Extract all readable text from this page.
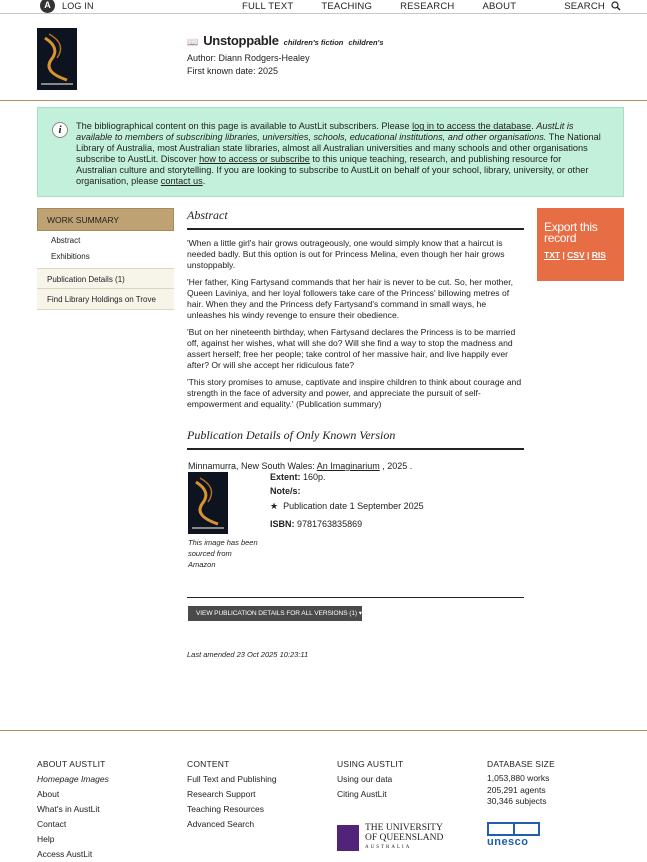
A	LOG IN	FULL TEXT	TEACHING	RESEARCH	ABOUT	SEARCH
📖 Unstoppable children's fiction children's
Author: Diann Rodgers-Healey
First known date: 2025
i	The bibliographical content on this page is available to AustLit subscribers. Please log in to access the database. AustLit is available to members of subscribing libraries, universities, schools, educational institutions, and other organisations. The National Library of Australia, most Australian state libraries, almost all Australian universities and many schools and other organisations subscribe to AustLit. Discover how to access or subscribe to this unique teaching, research, and publishing resource for Australian culture and storytelling. If you are looking to subscribe to AustLit on behalf of your school, library, university, or other organisation, please contact us.
WORK SUMMARY
Abstract
Exhibitions
Publication Details (1)
Find Library Holdings on Trove
Abstract

'When a little girl's hair grows outrageously, one would simply know that a haircut is needed badly. But this option is out for Princess Melina, even though her hair grows unstoppably.

'Her father, King Fartysand commands that her hair is never to be cut. So, her mother, Queen Laviniya, and her loyal followers take care of the Princess' billowing metres of hair. When they and the Princess defy Fartysand's command in small ways, he unleashes his windy revenge to ensure their obedience.

'But on her nineteenth birthday, when Fartysand declares the Princess is to be married off, against her wishes, what will she do? Will she find a way to stop the madness and assert herself; free her people; take control of her massive hair, and live happily ever after? Or will she accept her ridiculous fate?

'This story promises to amuse, captivate and inspire children to think about courage and strength in the face of adversity and power, and appreciate the pursuit of self-empowerment and equality.' (Publication summary)

Publication Details of Only Known Version
Minnamurra, New South Wales: An Imaginarium , 2025 .
This image has been
sourced from
Amazon
Extent: 160p.
Note/s:
★ Publication date 1 September 2025
ISBN: 9781763835869
VIEW PUBLICATION DETAILS FOR ALL VERSIONS (1) ▾
Last amended 23 Oct 2025 10:23:11
Export this
record
TXT | CSV | RIS
ABOUT AUSTLIT
Homepage Images
About
What's in AustLit
Contact
Help
Access AustLit
CONTENT
Full Text and Publishing
Research Support
Teaching Resources
Advanced Search
USING AUSTLIT
Using our data
Citing AustLit
DATABASE SIZE
1,053,880 works
205,291 agents
30,346 subjects
THE UNIVERSITY
OF QUEENSLAND
AUSTRALIA	unesco
